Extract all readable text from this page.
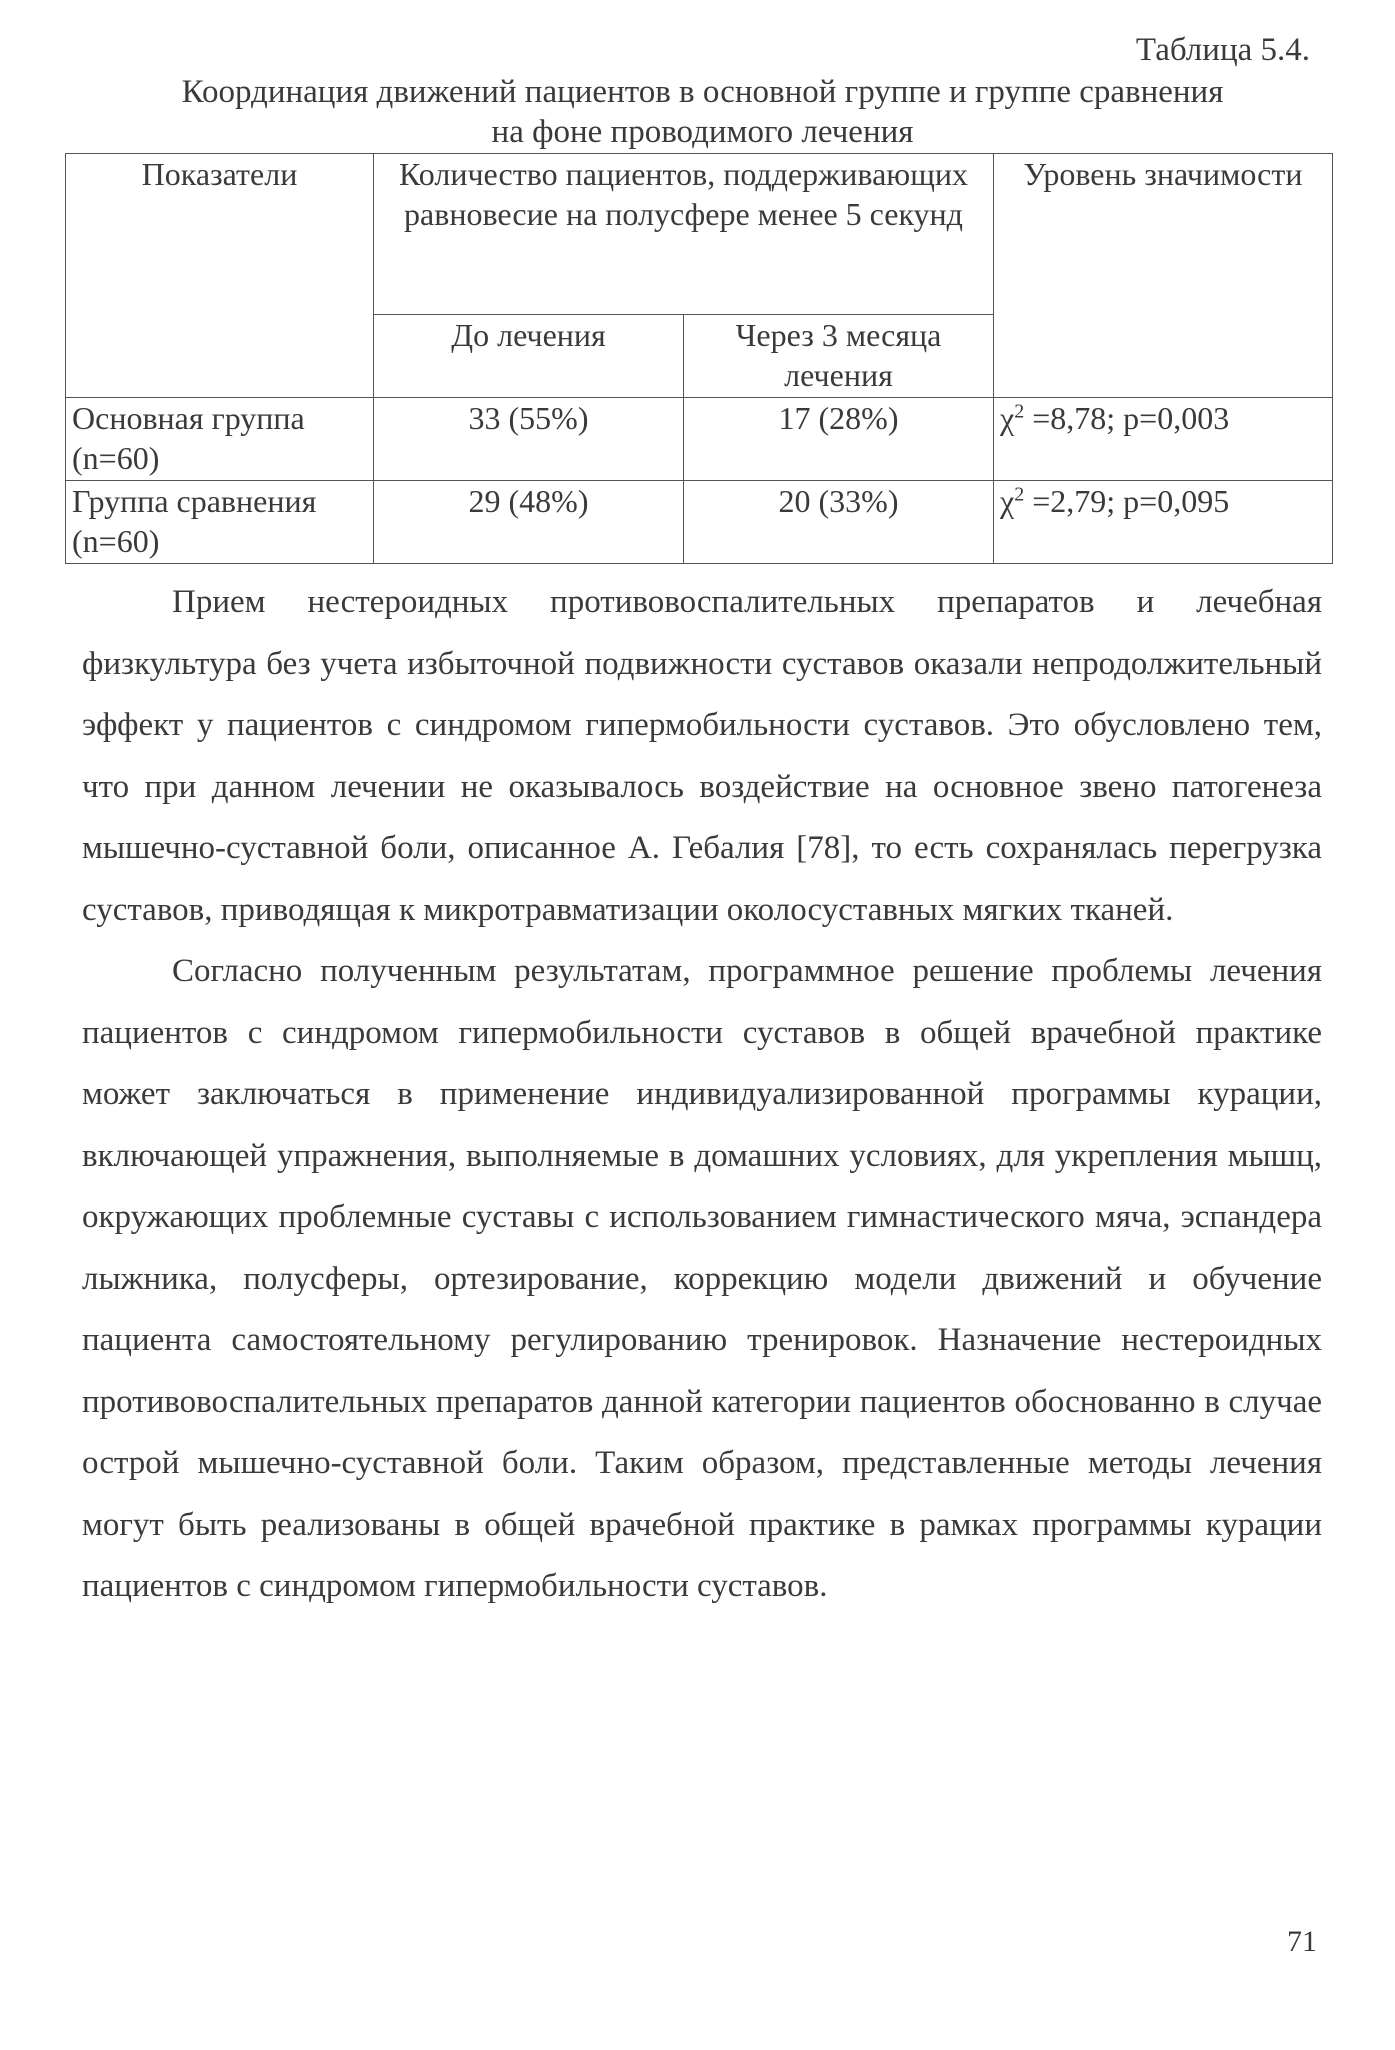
Таблица 5.4.
Координация движений пациентов в основной группе и группе сравнения
на фоне проводимого лечения
Показатели	Количество пациентов, поддерживающих равновесие на полусфере менее 5 секунд		Уровень значимости
	До лечения	Через 3 месяца лечения	
Основная группа (n=60)	33 (55%)	17 (28%)	$\chi^2 =8,78$; p=0,003
Группа сравнения (n=60)	29 (48%)	20 (33%)	$\chi^2 =2,79$; p=0,095

Прием нестероидных противовоспалительных препаратов и лечебная физкультура без учета избыточной подвижности суставов оказали непродолжительный эффект у пациентов с синдромом гипермобильности суставов. Это обусловлено тем, что при данном лечении не оказывалось воздействие на основное звено патогенеза мышечно-суставной боли, описанное А. Гебалия [78], то есть сохранялась перегрузка суставов, приводящая к микротравматизации околосуставных мягких тканей.

Согласно полученным результатам, программное решение проблемы лечения пациентов с синдромом гипермобильности суставов в общей врачебной практике может заключаться в применение индивидуализированной программы курации, включающей упражнения, выполняемые в домашних условиях, для укрепления мышц, окружающих проблемные суставы с использованием гимнастического мяча, эспандера лыжника, полусферы, ортезирование, коррекцию модели движений и обучение пациента самостоятельному регулированию тренировок. Назначение нестероидных противовоспалительных препаратов данной категории пациентов обоснованно в случае острой мышечно-суставной боли. Таким образом, представленные методы лечения могут быть реализованы в общей врачебной практике в рамках программы курации пациентов с синдромом гипермобильности суставов.

71
